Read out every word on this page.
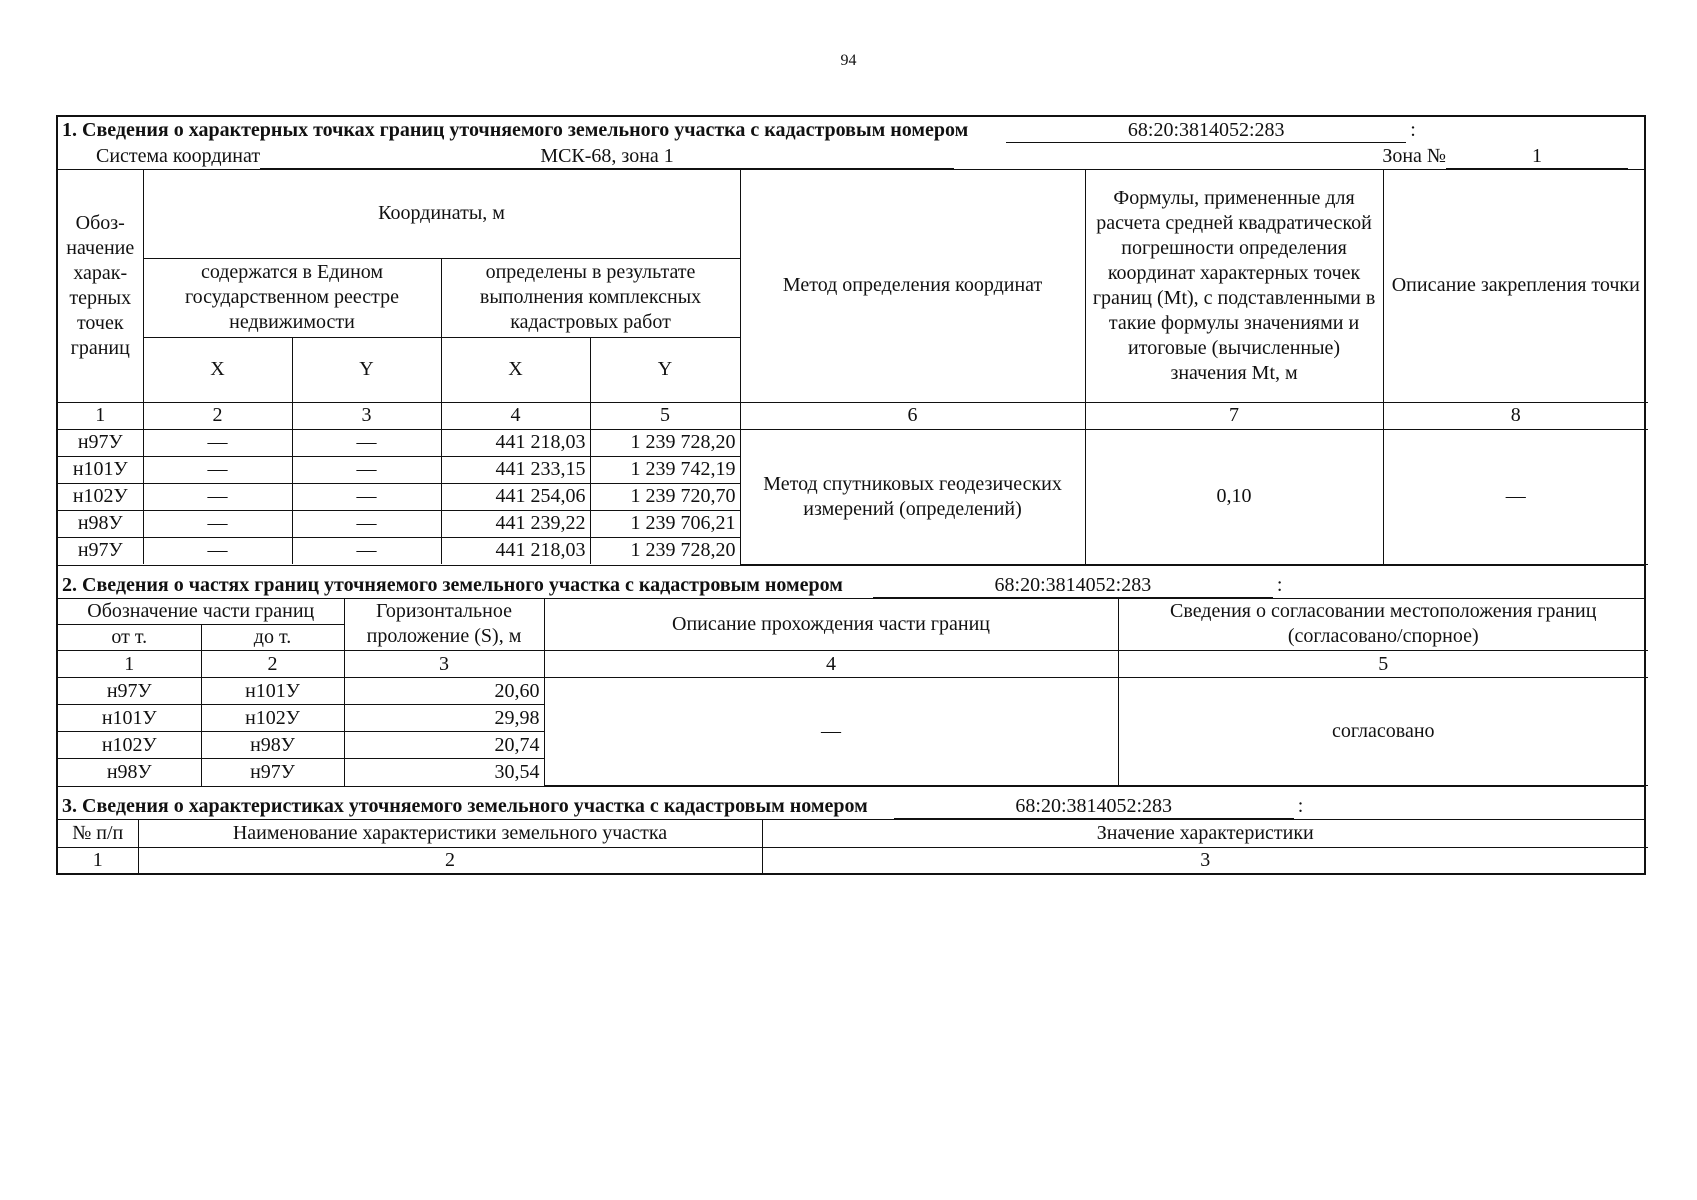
94
1. Сведения о характерных точках границ уточняемого земельного участка с кадастровым номером	68:20:3814052:283	:
Система координат	МСК-68, зона 1	Зона №	1
Обоз-начение харак-терных точек границ	Координаты, м				Метод определения координат	Формулы, примененные для расчета средней квадратической погрешности определения координат характерных точек границ (Mt), с подставленными в такие формулы значениями и итоговые (вычисленные) значения Mt, м	Описание закрепления точки
	содержатся в Едином государственном реестре недвижимости		определены в результате выполнения комплексных кадастровых работ				
	X	Y	X	Y			
1	2	3	4	5	6	7	8
н97У	—	—	441 218,03	1 239 728,20	Метод спутниковых геодезических измерений (определений)	0,10	—
н101У	—	—	441 233,15	1 239 742,19			
н102У	—	—	441 254,06	1 239 720,70			
н98У	—	—	441 239,22	1 239 706,21			
н97У	—	—	441 218,03	1 239 728,20			
2. Сведения о частях границ уточняемого земельного участка с кадастровым номером	68:20:3814052:283	:
Обозначение части границ		Горизонтальное проложение (S), м	Описание прохождения части границ	Сведения о согласовании местоположения границ (согласовано/спорное)
от т.	до т.			
1	2	3	4	5
н97У	н101У	20,60	—	согласовано
н101У	н102У	29,98		
н102У	н98У	20,74		
н98У	н97У	30,54		
3. Сведения о характеристиках уточняемого земельного участка с кадастровым номером	68:20:3814052:283	:
№ п/п	Наименование характеристики земельного участка	Значение характеристики
1	2	3
